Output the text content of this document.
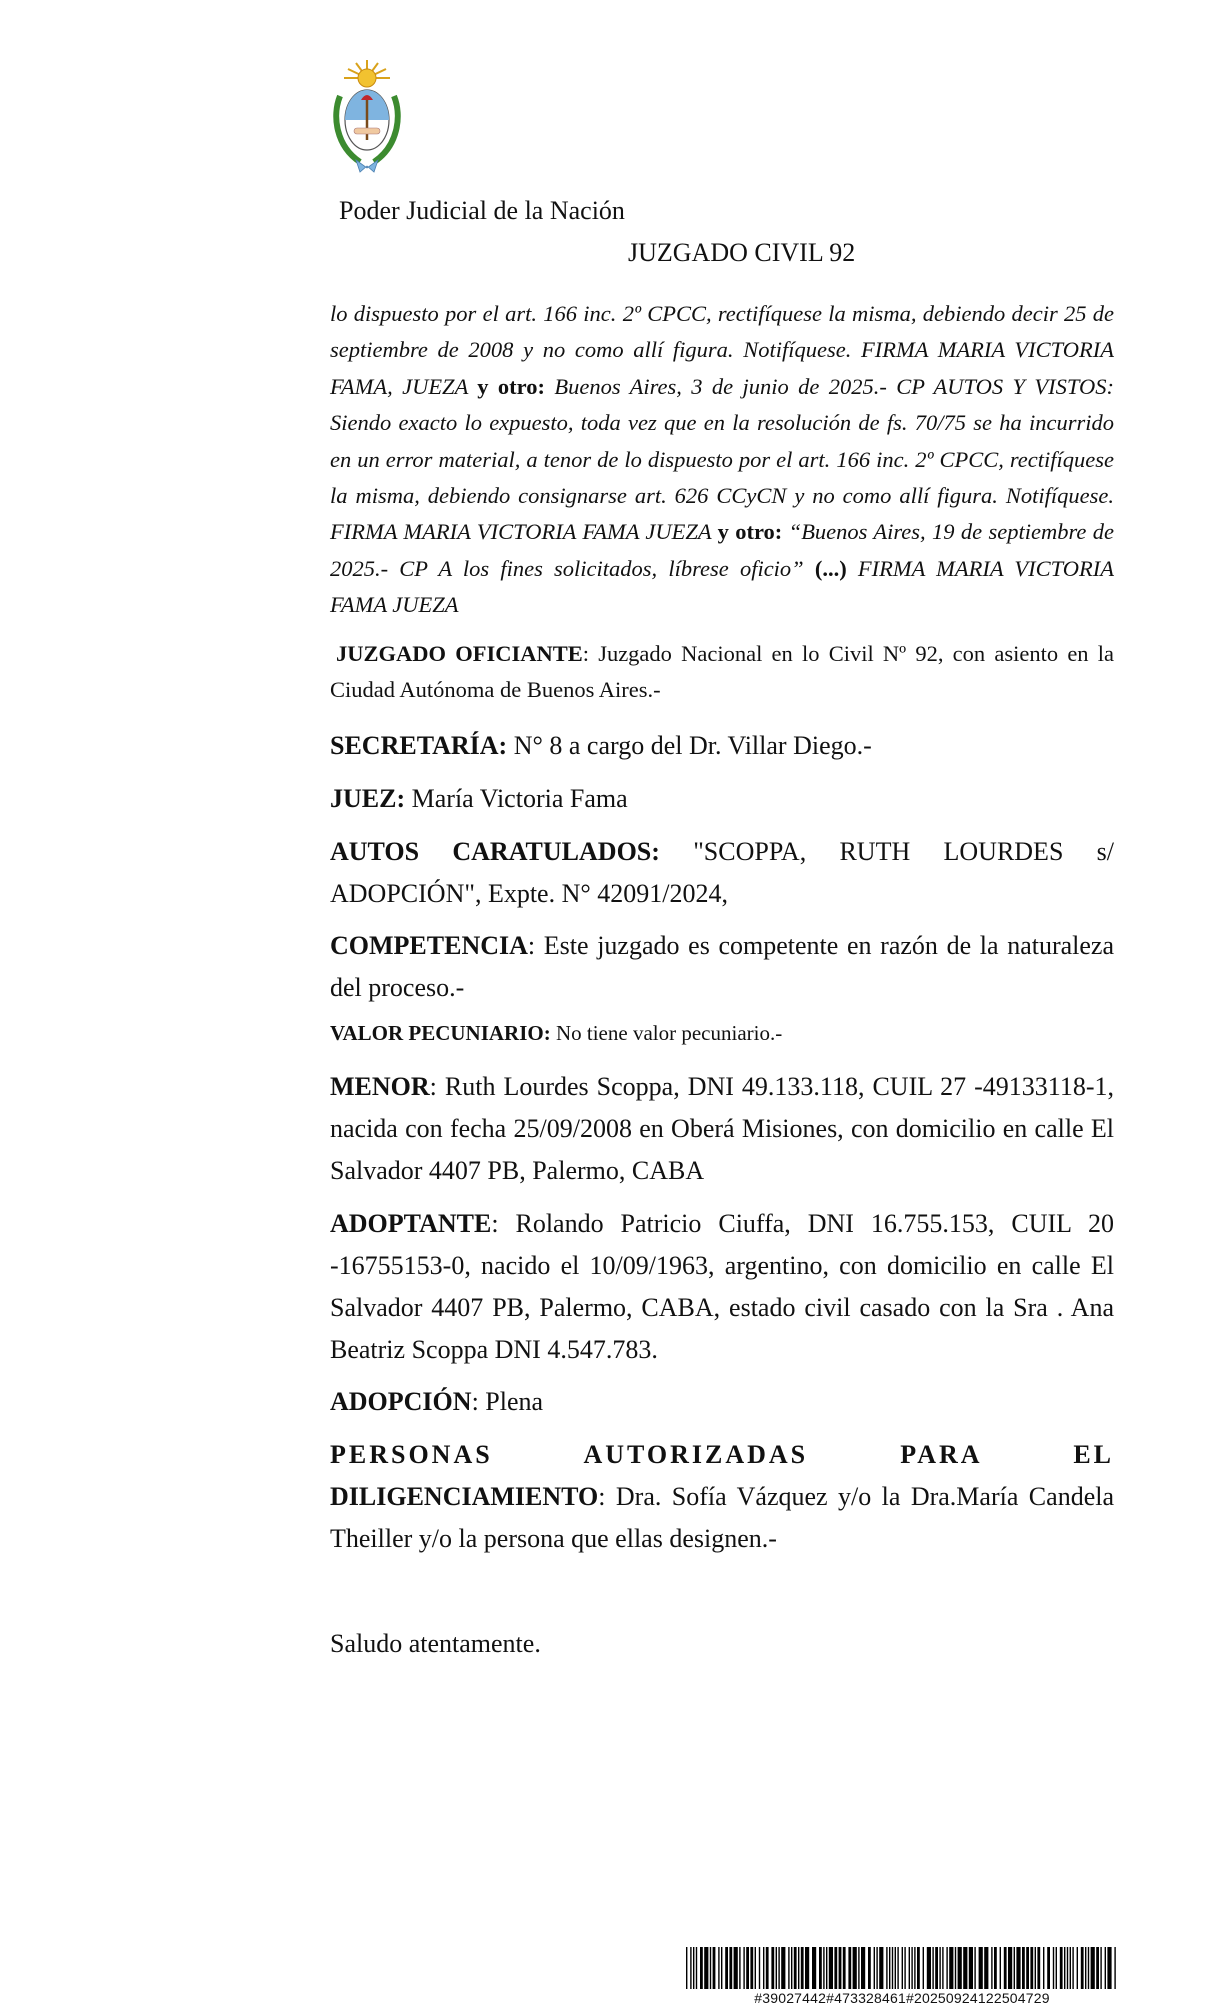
Poder Judicial de la Nación
JUZGADO CIVIL 92
lo dispuesto por el art. 166 inc. 2º CPCC, rectifíquese la misma, debiendo decir 25 de septiembre de 2008 y no como allí figura. Notifíquese. FIRMA MARIA VICTORIA FAMA, JUEZA y otro: Buenos Aires, 3 de junio de 2025.- CP AUTOS Y VISTOS: Siendo exacto lo expuesto, toda vez que en la resolución de fs. 70/75 se ha incurrido en un error material, a tenor de lo dispuesto por el art. 166 inc. 2º CPCC, rectifíquese la misma, debiendo consignarse art. 626 CCyCN y no como allí figura. Notifíquese. FIRMA MARIA VICTORIA FAMA JUEZA y otro: “Buenos Aires, 19 de septiembre de 2025.- CP A los fines solicitados, líbrese oficio” (...) FIRMA MARIA VICTORIA FAMA JUEZA
JUZGADO OFICIANTE: Juzgado Nacional en lo Civil Nº 92, con asiento en la Ciudad Autónoma de Buenos Aires.-
SECRETARÍA: N° 8 a cargo del Dr. Villar Diego.-
JUEZ: María Victoria Fama
AUTOS CARATULADOS: "SCOPPA, RUTH LOURDES s/ ADOPCIÓN", Expte. N° 42091/2024,
COMPETENCIA: Este juzgado es competente en razón de la naturaleza del proceso.-
VALOR PECUNIARIO: No tiene valor pecuniario.-
MENOR: Ruth Lourdes Scoppa, DNI 49.133.118, CUIL 27 -49133118-1, nacida con fecha 25/09/2008 en Oberá Misiones, con domicilio en calle El Salvador 4407 PB, Palermo, CABA
ADOPTANTE: Rolando Patricio Ciuffa, DNI 16.755.153, CUIL 20 -16755153-0, nacido el 10/09/1963, argentino, con domicilio en calle El Salvador 4407 PB, Palermo, CABA, estado civil casado con la Sra . Ana Beatriz Scoppa DNI 4.547.783.
ADOPCIÓN: Plena
PERSONAS AUTORIZADAS PARA EL
DILIGENCIAMIENTO: Dra. Sofía Vázquez y/o la Dra.María Candela Theiller y/o la persona que ellas designen.-
Saludo atentamente.
#39027442#473328461#20250924122504729
